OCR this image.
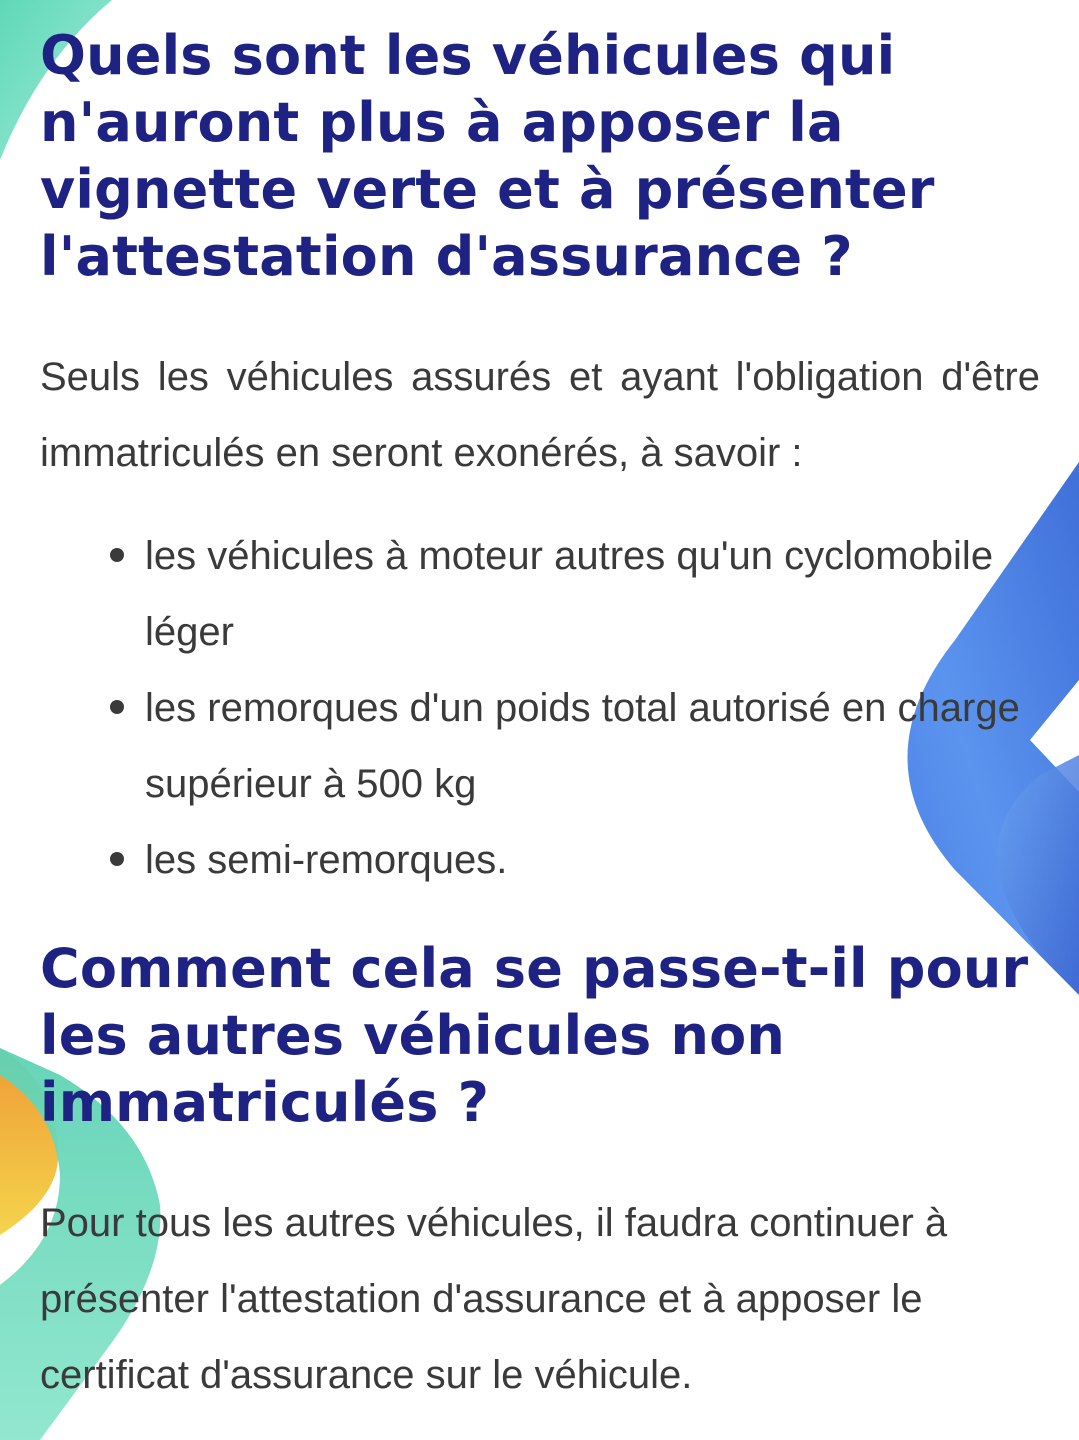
Quels sont les véhicules qui n'auront plus à apposer la vignette verte et à présenter l'attestation d'assurance ?

Seuls les véhicules assurés et ayant l'obligation d'être immatriculés en seront exonérés, à savoir :

les véhicules à moteur autres qu'un cyclomobile léger
les remorques d'un poids total autorisé en charge supérieur à 500 kg
les semi-remorques.
Comment cela se passe-t-il pour les autres véhicules non immatriculés ?

Pour tous les autres véhicules, il faudra continuer à présenter l'attestation d'assurance et à apposer le certificat d'assurance sur le véhicule.
